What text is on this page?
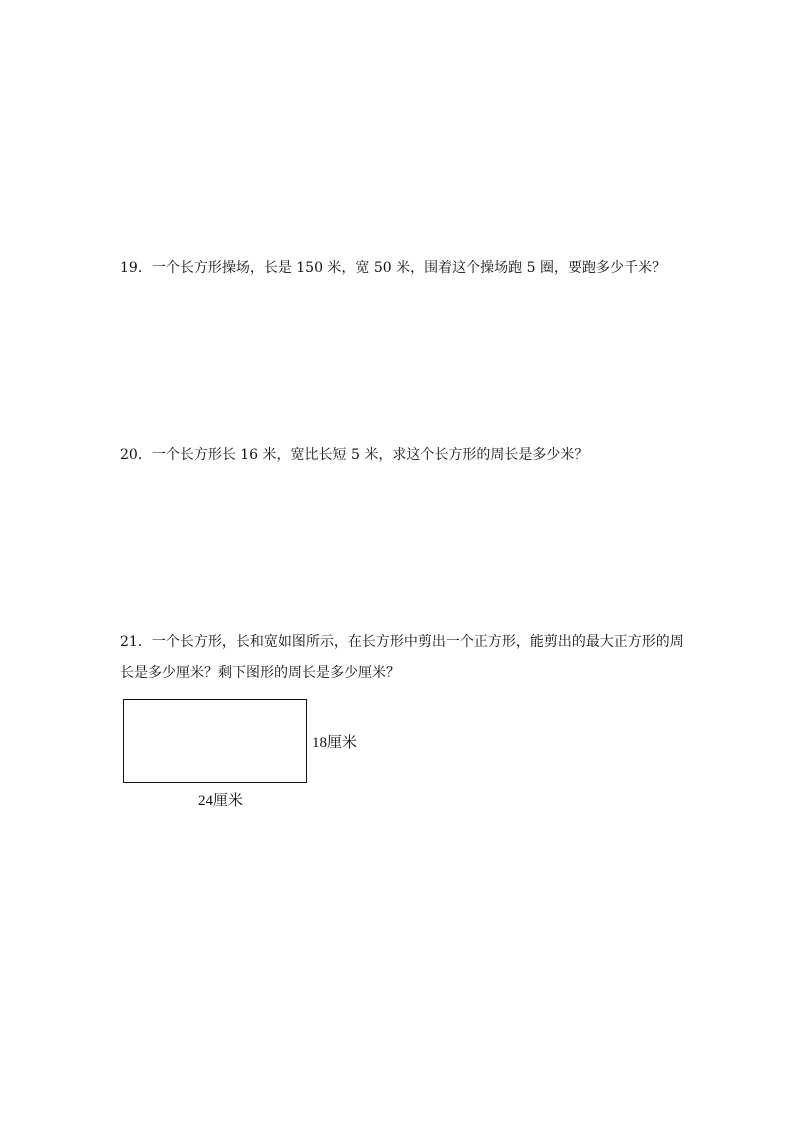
19．一个长方形操场，长是 150 米，宽 50 米，围着这个操场跑 5 圈，要跑多少千米？

20．一个长方形长 16 米，宽比长短 5 米，求这个长方形的周长是多少米？

21．一个长方形，长和宽如图所示，在长方形中剪出一个正方形，能剪出的最大正方形的周长是多少厘米？剩下图形的周长是多少厘米？

18厘米
24厘米
